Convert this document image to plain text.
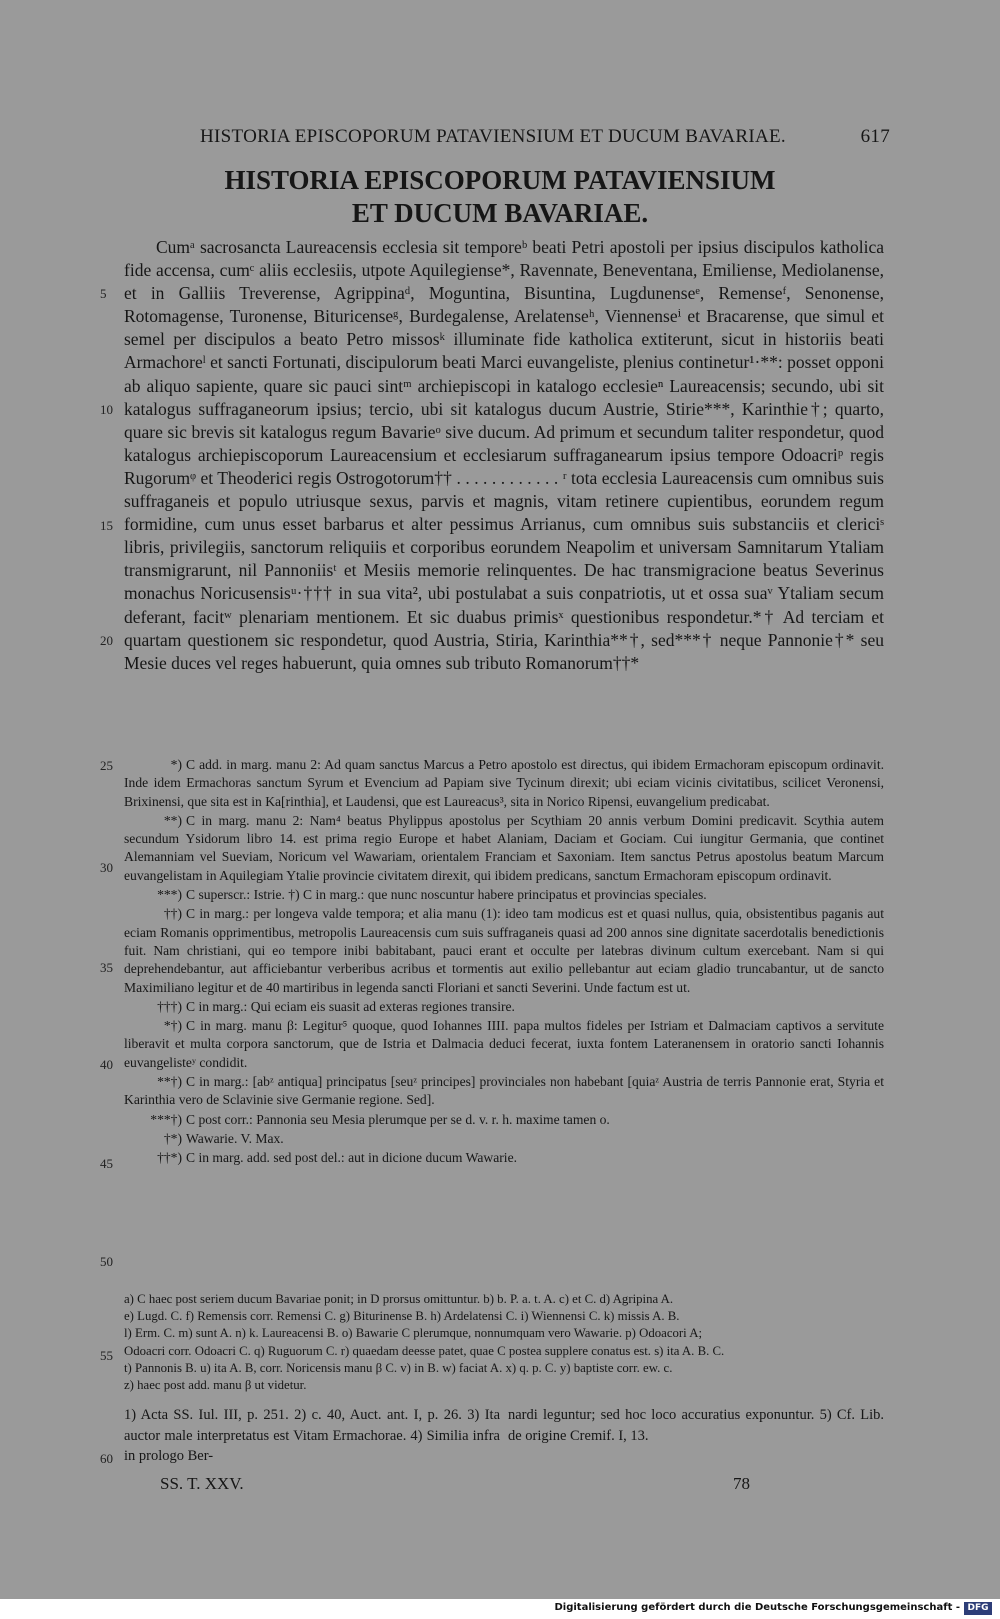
HISTORIA EPISCOPORUM PATAVIENSIUM ET DUCUM BAVARIAE.	617
HISTORIA EPISCOPORUM PATAVIENSIUM
ET DUCUM BAVARIAE.

Cumᵃ sacrosancta Laureacensis ecclesia sit temporeᵇ beati Petri apostoli per ipsius discipulos katholica fide accensa, cumᶜ aliis ecclesiis, utpote Aquilegiense*, Ravennate, Beneventana, Emiliense, Mediolanense, et in Galliis Treverense, Agrippinaᵈ, Moguntina, Bisuntina, Lugdunenseᵉ, Remenseᶠ, Senonense, Rotomagense, Turonense, Bituricenseᵍ, Burdegalense, Arelatenseʰ, Viennenseⁱ et Bracarense, que simul et semel per discipulos a beato Petro missosᵏ illuminate fide katholica extiterunt, sicut in historiis beati Armachoreˡ et sancti Fortunati, discipulorum beati Marci euvangeliste, plenius continetur¹·**: posset opponi ab aliquo sapiente, quare sic pauci sintᵐ archiepiscopi in katalogo ecclesieⁿ Laureacensis; secundo, ubi sit katalogus suffraganeorum ipsius; tercio, ubi sit katalogus ducum Austrie, Stirie***, Karinthie†; quarto, quare sic brevis sit katalogus regum Bavarieᵒ sive ducum. Ad primum et secundum taliter respondetur, quod katalogus archiepiscoporum Laureacensium et ecclesiarum suffraganearum ipsius tempore Odoacriᵖ regis Rugorumᵠ et Theoderici regis Ostrogotorum†† . . . . . . . . . . . . ʳ tota ecclesia Laureacensis cum omnibus suis suffraganeis et populo utriusque sexus, parvis et magnis, vitam retinere cupientibus, eorundem regum formidine, cum unus esset barbarus et alter pessimus Arrianus, cum omnibus suis substanciis et clericiˢ libris, privilegiis, sanctorum reliquiis et corporibus eorundem Neapolim et universam Samnitarum Ytaliam transmigrarunt, nil Pannoniisᵗ et Mesiis memorie relinquentes. De hac transmigracione beatus Severinus monachus Noricusensisᵘ·††† in sua vita², ubi postulabat a suis conpatriotis, ut et ossa suaᵛ Ytaliam secum deferant, facitʷ plenariam mentionem. Et sic duabus primisˣ questionibus respondetur.*† Ad terciam et quartam questionem sic respondetur, quod Austria, Stiria, Karinthia**†, sed***† neque Pannonie†* seu Mesie duces vel reges habuerunt, quia omnes sub tributo Romanorum††*

*) C add. in marg. manu 2: Ad quam sanctus Marcus a Petro apostolo est directus, qui ibidem Ermachoram episcopum ordinavit. Inde idem Ermachoras sanctum Syrum et Evencium ad Papiam sive Tycinum direxit; ubi eciam vicinis civitatibus, scilicet Veronensi, Brixinensi, que sita est in Ka[rinthia], et Laudensi, que est Laureacus³, sita in Norico Ripensi, euvangelium predicabat.
**) C in marg. manu 2: Nam⁴ beatus Phylippus apostolus per Scythiam 20 annis verbum Domini predicavit. Scythia autem secundum Ysidorum libro 14. est prima regio Europe et habet Alaniam, Daciam et Gociam. Cui iungitur Germania, que continet Alemanniam vel Sueviam, Noricum vel Wawariam, orientalem Franciam et Saxoniam. Item sanctus Petrus apostolus beatum Marcum euvangelistam in Aquilegiam Ytalie provincie civitatem direxit, qui ibidem predicans, sanctum Ermachoram episcopum ordinavit.
***) C superscr.: Istrie. †) C in marg.: que nunc noscuntur habere principatus et provincias speciales.
††) C in marg.: per longeva valde tempora; et alia manu (1): ideo tam modicus est et quasi nullus, quia, obsistentibus paganis aut eciam Romanis opprimentibus, metropolis Laureacensis cum suis suffraganeis quasi ad 200 annos sine dignitate sacerdotalis benedictionis fuit. Nam christiani, qui eo tempore inibi babitabant, pauci erant et occulte per latebras divinum cultum exercebant. Nam si qui deprehendebantur, aut afficiebantur verberibus acribus et tormentis aut exilio pellebantur aut eciam gladio truncabantur, ut de sancto Maximiliano legitur et de 40 martiribus in legenda sancti Floriani et sancti Severini. Unde factum est ut.
†††) C in marg.: Qui eciam eis suasit ad exteras regiones transire.
*†) C in marg. manu β: Legitur⁵ quoque, quod Iohannes IIII. papa multos fideles per Istriam et Dalmaciam captivos a servitute liberavit et multa corpora sanctorum, que de Istria et Dalmacia deduci fecerat, iuxta fontem Lateranensem in oratorio sancti Iohannis euvangelisteʸ condidit.
**†) C in marg.: [abᶻ antiqua] principatus [seuᶻ principes] provinciales non habebant [quiaᶻ Austria de terris Pannonie erat, Styria et Karinthia vero de Sclavinie sive Germanie regione. Sed].
***†) C post corr.: Pannonia seu Mesia plerumque per se d. v. r. h. maxime tamen o.
†*) Wawarie. V. Max.
††*) C in marg. add. sed post del.: aut in dicione ducum Wawarie.

a) C haec post seriem ducum Bavariae ponit; in D prorsus omittuntur. b) b. P. a. t. A. c) et C. d) Agripina A.

e) Lugd. C. f) Remensis corr. Remensi C. g) Biturinense B. h) Ardelatensi C. i) Wiennensi C. k) missis A. B.

l) Erm. C. m) sunt A. n) k. Laureacensi B. o) Bawarie C plerumque, nonnumquam vero Wawarie. p) Odoacori A;

Odoacri corr. Odoacri C. q) Ruguorum C. r) quaedam deesse patet, quae C postea supplere conatus est. s) ita A. B. C.

t) Pannonis B. u) ita A. B, corr. Noricensis manu β C. v) in B. w) faciat A. x) q. p. C. y) baptiste corr. ew. c.

z) haec post add. manu β ut videtur.

1) Acta SS. Iul. III, p. 251. 2) c. 40, Auct. ant. I, p. 26. 3) Ita auctor male interpretatus est Vitam Ermachorae. 4) Similia infra in prologo Ber-

nardi leguntur; sed hoc loco accuratius exponuntur. 5) Cf. Lib. de origine Cremif. I, 13.

SS. T. XXV.	78
5
10
15
20
25
30
35
40
45
50
55
60
Digitalisierung gefördert durch die Deutsche Forschungsgemeinschaft - DFG
